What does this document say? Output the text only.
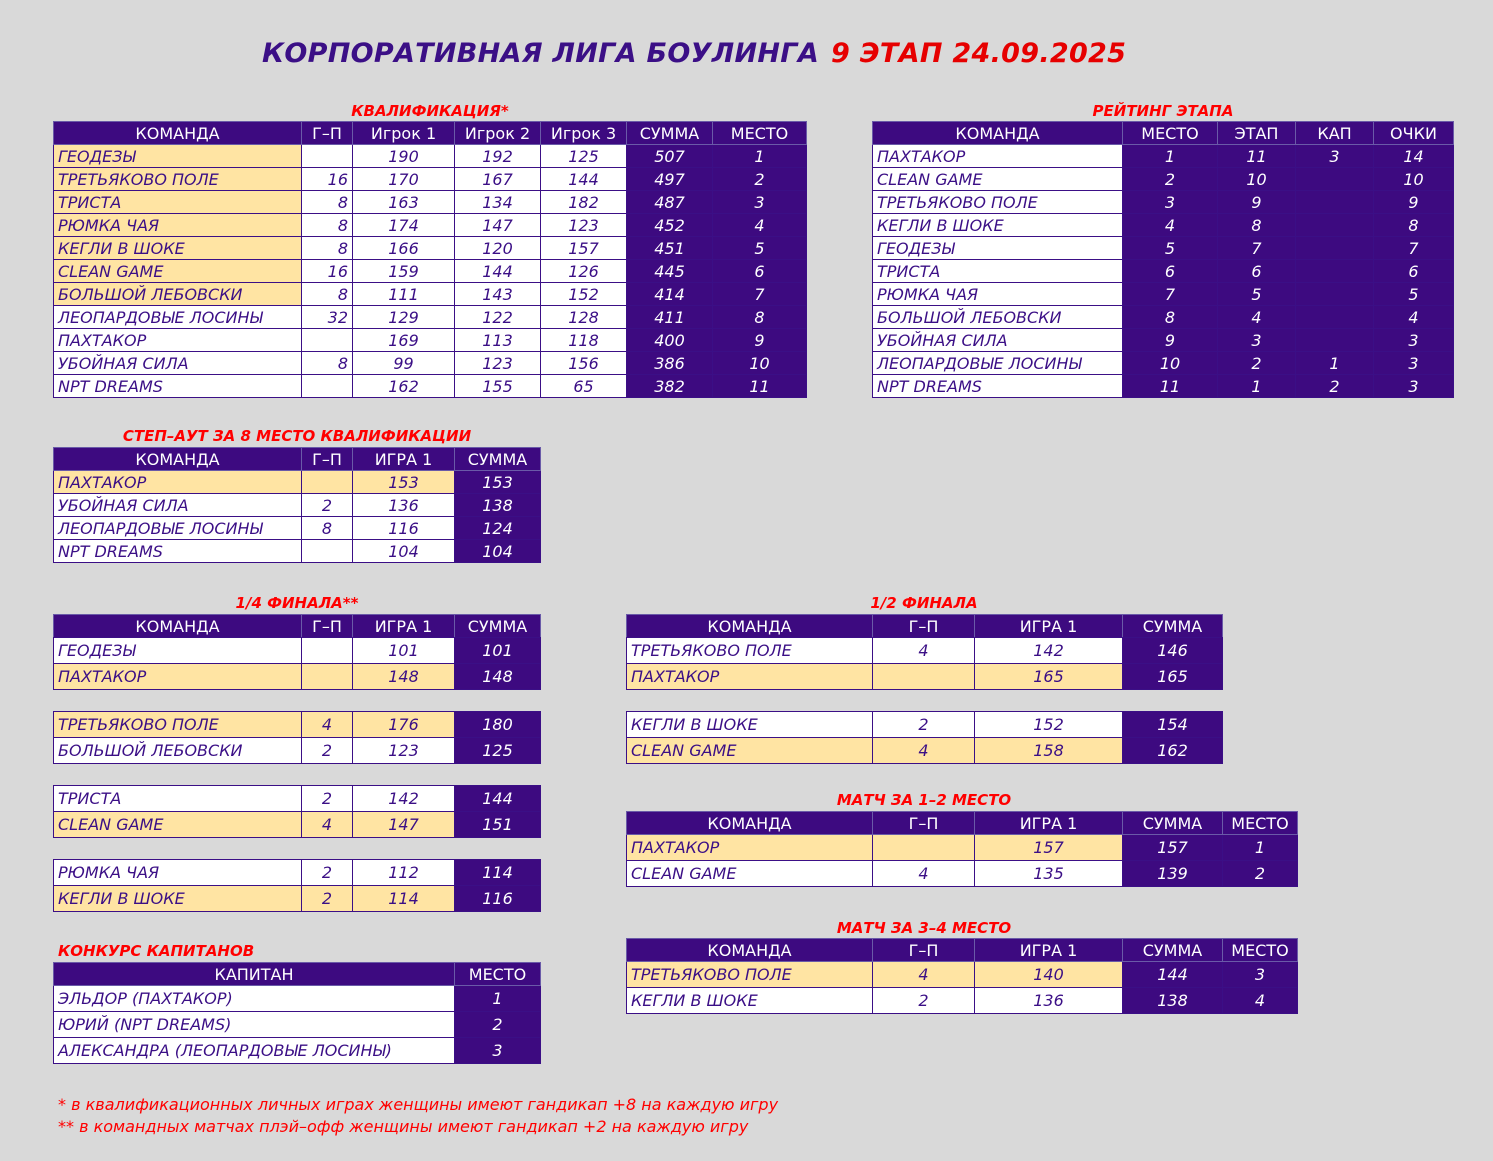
КОРПОРАТИВНАЯ ЛИГА БОУЛИНГА 9 ЭТАП 24.09.2025
КВАЛИФИКАЦИЯ*
КОМАНДА	Г–П	Игрок 1	Игрок 2	Игрок 3	СУММА	МЕСТО
ГЕОДЕЗЫ		190	192	125	507	1
ТРЕТЬЯКОВО ПОЛЕ	16	170	167	144	497	2
ТРИСТА	8	163	134	182	487	3
РЮМКА ЧАЯ	8	174	147	123	452	4
КЕГЛИ В ШОКЕ	8	166	120	157	451	5
CLEAN GAME	16	159	144	126	445	6
БОЛЬШОЙ ЛЕБОВСКИ	8	111	143	152	414	7
ЛЕОПАРДОВЫЕ ЛОСИНЫ	32	129	122	128	411	8
ПАХТАКОР		169	113	118	400	9
УБОЙНАЯ СИЛА	8	99	123	156	386	10
NPT DREAMS		162	155	65	382	11
РЕЙТИНГ ЭТАПА
КОМАНДА	МЕСТО	ЭТАП	КАП	ОЧКИ
ПАХТАКОР	1	11	3	14
CLEAN GAME	2	10		10
ТРЕТЬЯКОВО ПОЛЕ	3	9		9
КЕГЛИ В ШОКЕ	4	8		8
ГЕОДЕЗЫ	5	7		7
ТРИСТА	6	6		6
РЮМКА ЧАЯ	7	5		5
БОЛЬШОЙ ЛЕБОВСКИ	8	4		4
УБОЙНАЯ СИЛА	9	3		3
ЛЕОПАРДОВЫЕ ЛОСИНЫ	10	2	1	3
NPT DREAMS	11	1	2	3
СТЕП–АУТ ЗА 8 МЕСТО КВАЛИФИКАЦИИ
КОМАНДА	Г–П	ИГРА 1	СУММА
ПАХТАКОР		153	153
УБОЙНАЯ СИЛА	2	136	138
ЛЕОПАРДОВЫЕ ЛОСИНЫ	8	116	124
NPT DREAMS		104	104
1/4 ФИНАЛА**
КОМАНДА	Г–П	ИГРА 1	СУММА
ГЕОДЕЗЫ		101	101
ПАХТАКОР		148	148
ТРЕТЬЯКОВО ПОЛЕ	4	176	180
БОЛЬШОЙ ЛЕБОВСКИ	2	123	125
ТРИСТА	2	142	144
CLEAN GAME	4	147	151
РЮМКА ЧАЯ	2	112	114
КЕГЛИ В ШОКЕ	2	114	116
1/2 ФИНАЛА
КОМАНДА	Г–П	ИГРА 1	СУММА
ТРЕТЬЯКОВО ПОЛЕ	4	142	146
ПАХТАКОР		165	165
КЕГЛИ В ШОКЕ	2	152	154
CLEAN GAME	4	158	162
МАТЧ ЗА 1–2 МЕСТО
КОМАНДА	Г–П	ИГРА 1	СУММА	МЕСТО
ПАХТАКОР		157	157	1
CLEAN GAME	4	135	139	2
МАТЧ ЗА 3–4 МЕСТО
КОМАНДА	Г–П	ИГРА 1	СУММА	МЕСТО
ТРЕТЬЯКОВО ПОЛЕ	4	140	144	3
КЕГЛИ В ШОКЕ	2	136	138	4
КОНКУРС КАПИТАНОВ
КАПИТАН	МЕСТО
ЭЛЬДОР (ПАХТАКОР)	1
ЮРИЙ (NPT DREAMS)	2
АЛЕКСАНДРА (ЛЕОПАРДОВЫЕ ЛОСИНЫ)	3
* в квалификационных личных играх женщины имеют гандикап +8 на каждую игру
** в командных матчах плэй–офф женщины имеют гандикап +2 на каждую игру
